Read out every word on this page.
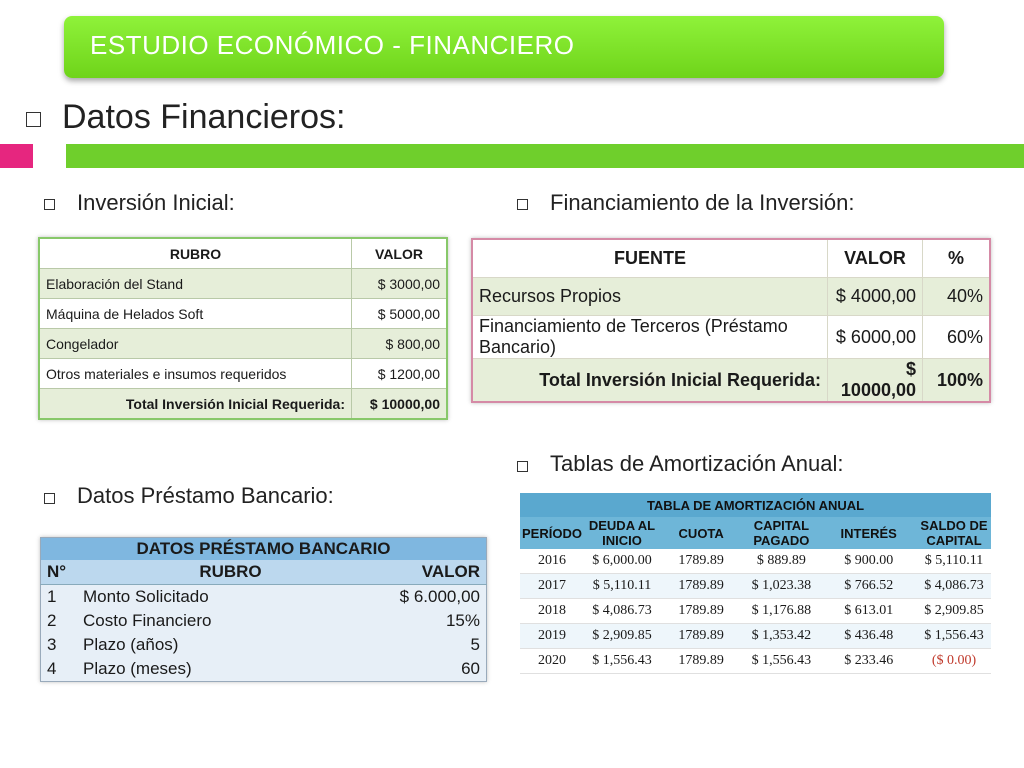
ESTUDIO ECONÓMICO - FINANCIERO
Datos Financieros:
Inversión Inicial:	Financiamiento de la Inversión:
Tablas de Amortización Anual:
Datos Préstamo Bancario:
RUBRO	VALOR
Elaboración del Stand	$ 3000,00
Máquina de Helados Soft	$ 5000,00
Congelador	$ 800,00
Otros materiales e insumos requeridos	$ 1200,00
Total Inversión Inicial Requerida:	$ 10000,00
FUENTE	VALOR	%
Recursos Propios	$ 4000,00	40%
Financiamiento de Terceros (Préstamo Bancario)	$ 6000,00	60%
Total Inversión Inicial Requerida:	$ 10000,00	100%
DATOS PRÉSTAMO BANCARIO		
N°	RUBRO	VALOR
1	Monto Solicitado	$ 6.000,00
2	Costo Financiero	15%
3	Plazo (años)	5
4	Plazo (meses)	60
TABLA DE AMORTIZACIÓN ANUAL					
PERÍODO	DEUDA AL INICIO	CUOTA	CAPITAL PAGADO	INTERÉS	SALDO DE CAPITAL
2016	$ 6,000.00	1789.89	$ 889.89	$ 900.00	$ 5,110.11
2017	$ 5,110.11	1789.89	$ 1,023.38	$ 766.52	$ 4,086.73
2018	$ 4,086.73	1789.89	$ 1,176.88	$ 613.01	$ 2,909.85
2019	$ 2,909.85	1789.89	$ 1,353.42	$ 436.48	$ 1,556.43
2020	$ 1,556.43	1789.89	$ 1,556.43	$ 233.46	($ 0.00)
